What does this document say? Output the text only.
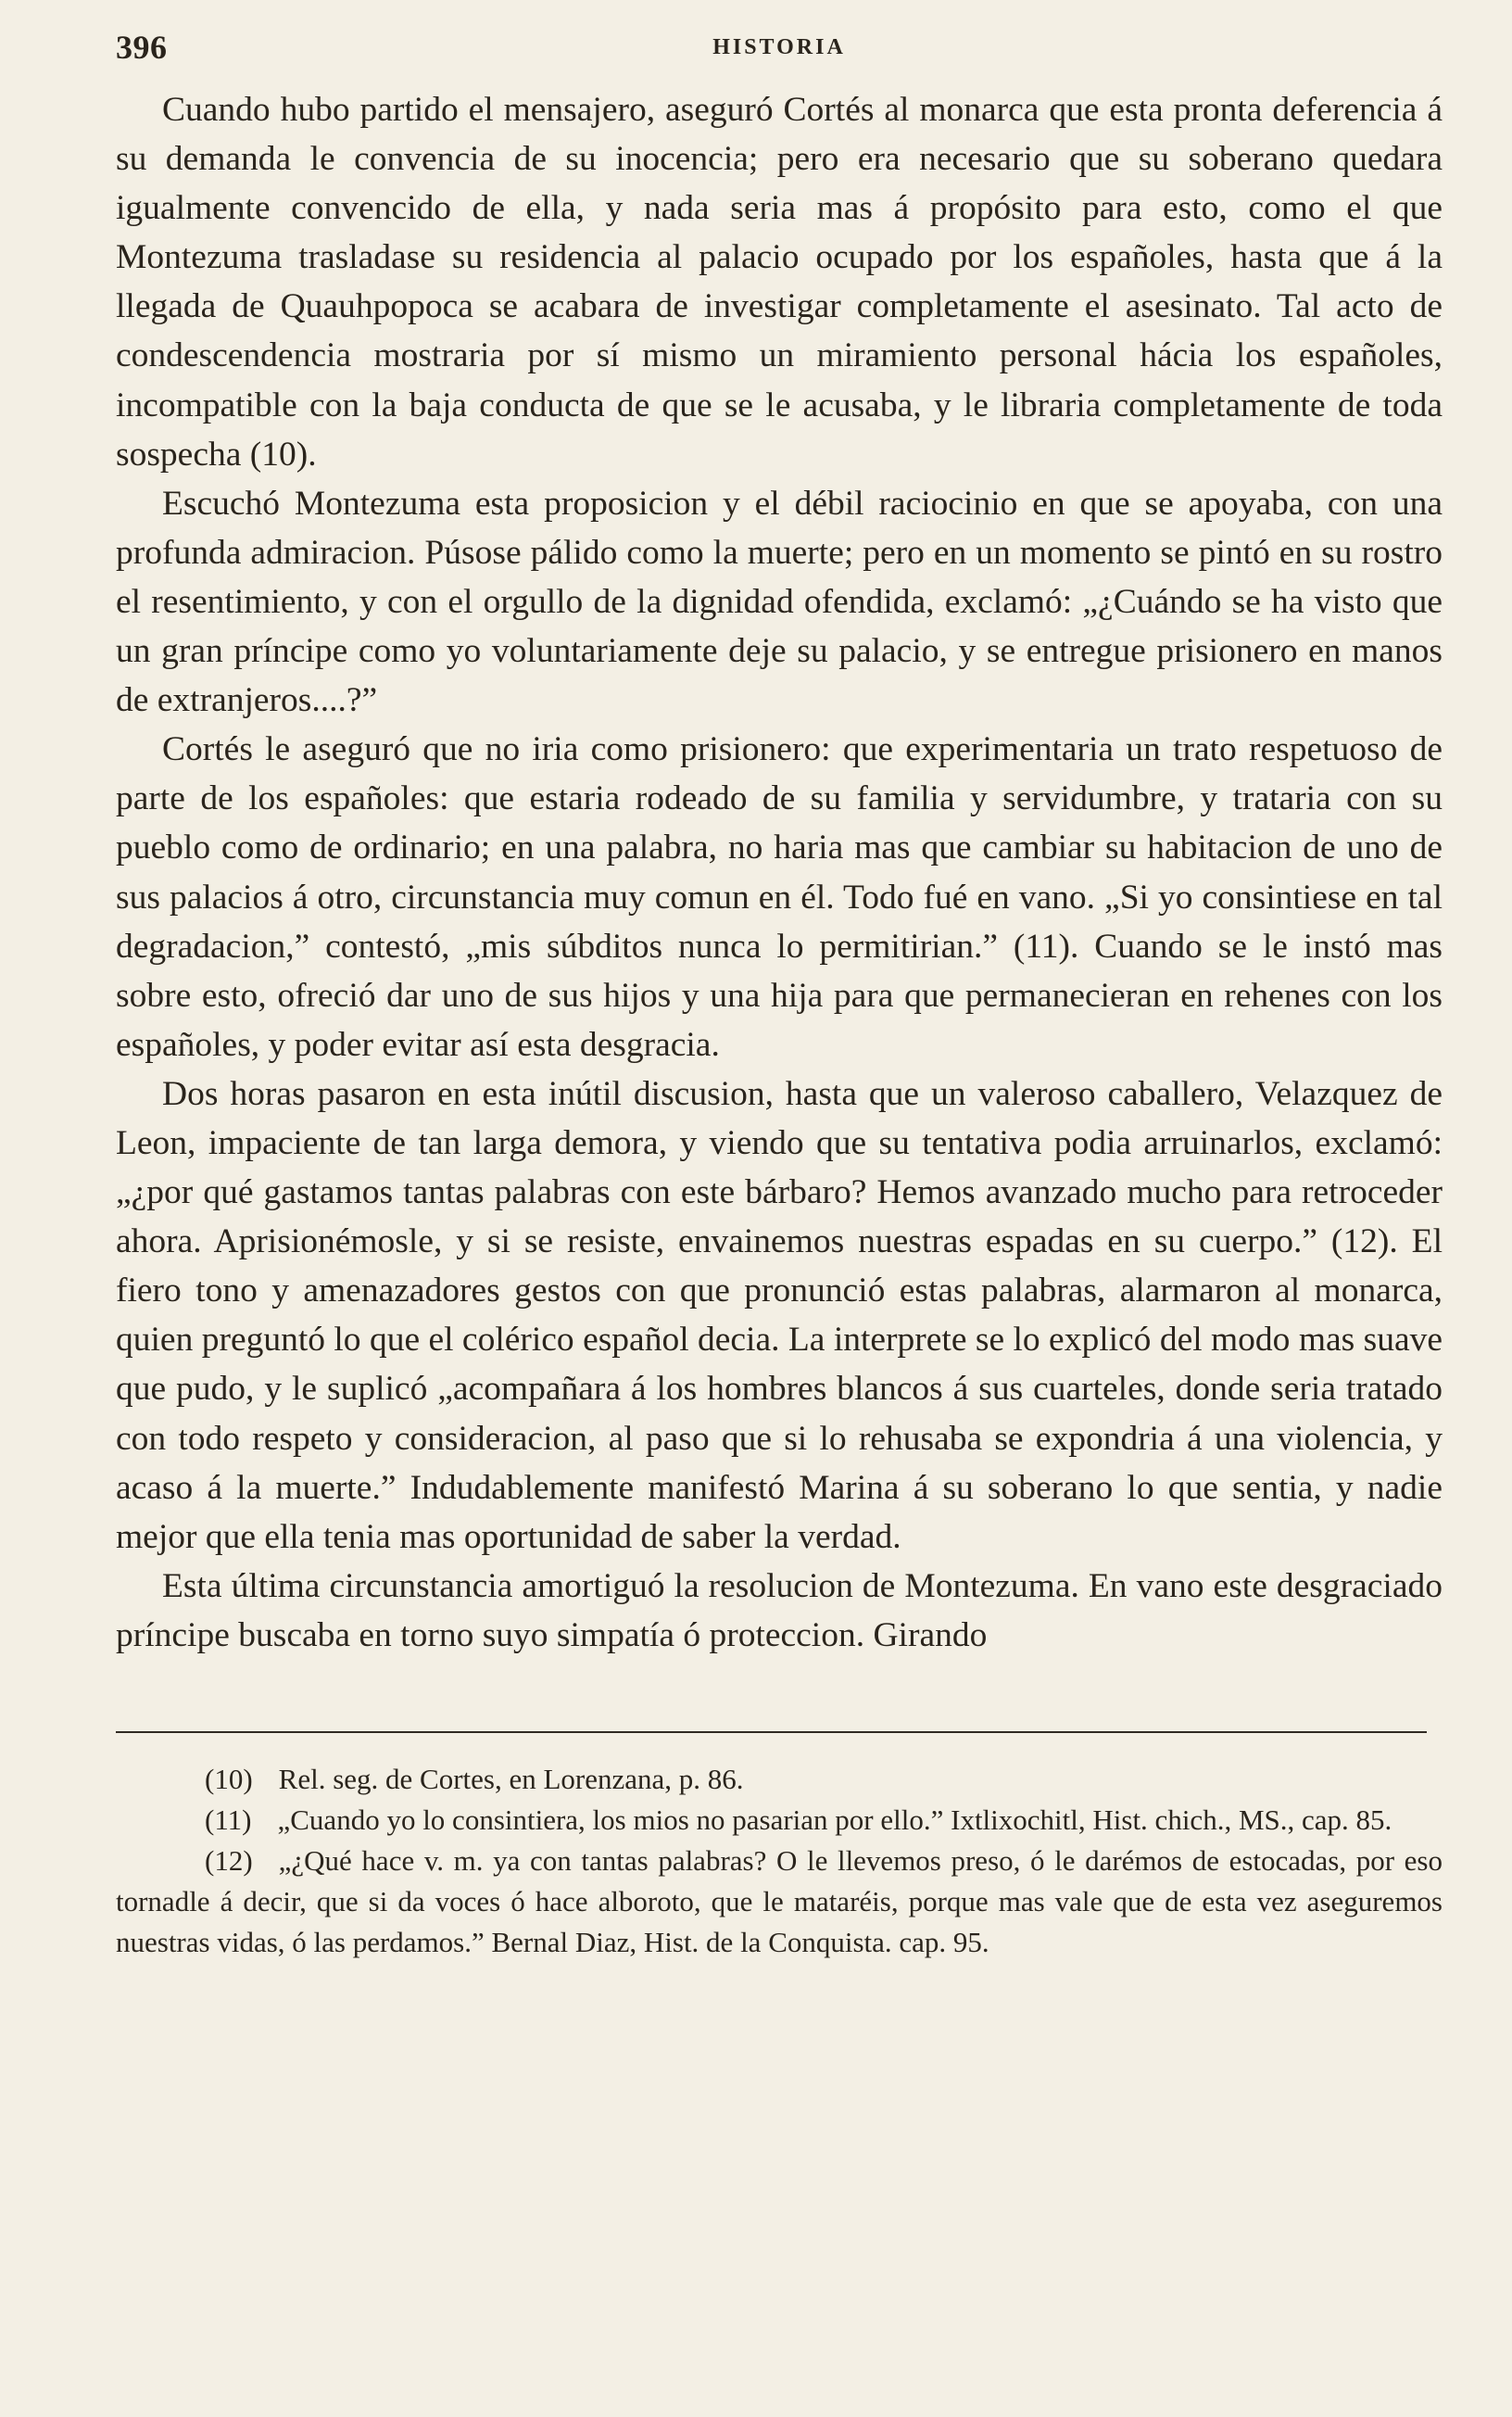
396	HISTORIA

Cuando hubo partido el mensajero, aseguró Cortés al monarca que esta pronta deferencia á su demanda le convencia de su inocencia; pero era necesario que su soberano quedara igualmente convencido de ella, y nada seria mas á propósito para esto, como el que Montezuma trasladase su residencia al palacio ocupado por los españoles, hasta que á la llegada de Quauhpopoca se acabara de investigar completamente el asesinato. Tal acto de condescendencia mostraria por sí mismo un miramiento personal hácia los españoles, incompatible con la baja conducta de que se le acusaba, y le libraria completamente de toda sospecha (10).

Escuchó Montezuma esta proposicion y el débil raciocinio en que se apoyaba, con una profunda admiracion. Púsose pálido como la muerte; pero en un momento se pintó en su rostro el resentimiento, y con el orgullo de la dignidad ofendida, exclamó: „¿Cuándo se ha visto que un gran príncipe como yo voluntariamente deje su palacio, y se entregue prisionero en manos de extranjeros....?”

Cortés le aseguró que no iria como prisionero: que experimentaria un trato respetuoso de parte de los españoles: que estaria rodeado de su familia y servidumbre, y trataria con su pueblo como de ordinario; en una palabra, no haria mas que cambiar su habitacion de uno de sus palacios á otro, circunstancia muy comun en él. Todo fué en vano. „Si yo consintiese en tal degradacion,” contestó, „mis súbditos nunca lo permitirian.” (11). Cuando se le instó mas sobre esto, ofreció dar uno de sus hijos y una hija para que permanecieran en rehenes con los españoles, y poder evitar así esta desgracia.

Dos horas pasaron en esta inútil discusion, hasta que un valeroso caballero, Velazquez de Leon, impaciente de tan larga demora, y viendo que su tentativa podia arruinarlos, exclamó: „¿por qué gastamos tantas palabras con este bárbaro? Hemos avanzado mucho para retroceder ahora. Aprisionémosle, y si se resiste, envainemos nuestras espadas en su cuerpo.” (12). El fiero tono y amenazadores gestos con que pronunció estas palabras, alarmaron al monarca, quien preguntó lo que el colérico español decia. La interprete se lo explicó del modo mas suave que pudo, y le suplicó „acompañara á los hombres blancos á sus cuarteles, donde seria tratado con todo respeto y consideracion, al paso que si lo rehusaba se expondria á una violencia, y acaso á la muerte.” Indudablemente manifestó Marina á su soberano lo que sentia, y nadie mejor que ella tenia mas oportunidad de saber la verdad.

Esta última circunstancia amortiguó la resolucion de Montezuma. En vano este desgraciado príncipe buscaba en torno suyo simpatía ó proteccion. Girando

(10) Rel. seg. de Cortes, en Lorenzana, p. 86.

(11) „Cuando yo lo consintiera, los mios no pasarian por ello.” Ixtlixochitl, Hist. chich., MS., cap. 85.

(12) „¿Qué hace v. m. ya con tantas palabras? O le llevemos preso, ó le darémos de estocadas, por eso tornadle á decir, que si da voces ó hace alboroto, que le mataréis, porque mas vale que de esta vez aseguremos nuestras vidas, ó las perdamos.” Bernal Diaz, Hist. de la Conquista. cap. 95.
